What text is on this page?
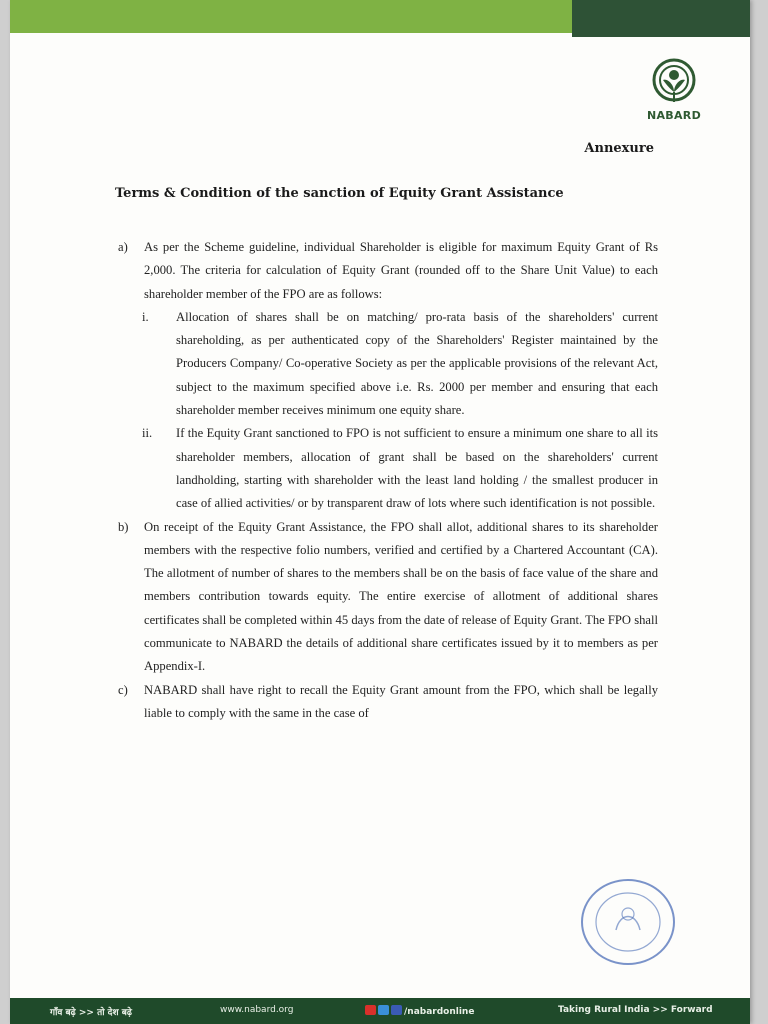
NABARD
Annexure
Terms & Condition of the sanction of Equity Grant Assistance
a) As per the Scheme guideline, individual Shareholder is eligible for maximum Equity Grant of Rs 2,000. The criteria for calculation of Equity Grant (rounded off to the Share Unit Value) to each shareholder member of the FPO are as follows:
i. Allocation of shares shall be on matching/ pro-rata basis of the shareholders' current shareholding, as per authenticated copy of the Shareholders' Register maintained by the Producers Company/ Co-operative Society as per the applicable provisions of the relevant Act, subject to the maximum specified above i.e. Rs. 2000 per member and ensuring that each shareholder member receives minimum one equity share.
ii. If the Equity Grant sanctioned to FPO is not sufficient to ensure a minimum one share to all its shareholder members, allocation of grant shall be based on the shareholders' current landholding, starting with shareholder with the least land holding / the smallest producer in case of allied activities/ or by transparent draw of lots where such identification is not possible.
b) On receipt of the Equity Grant Assistance, the FPO shall allot, additional shares to its shareholder members with the respective folio numbers, verified and certified by a Chartered Accountant (CA). The allotment of number of shares to the members shall be on the basis of face value of the share and members contribution towards equity. The entire exercise of allotment of additional shares certificates shall be completed within 45 days from the date of release of Equity Grant. The FPO shall communicate to NABARD the details of additional share certificates issued by it to members as per Appendix-I.
c) NABARD shall have right to recall the Equity Grant amount from the FPO, which shall be legally liable to comply with the same in the case of
गाँव बढ़े >> तो देश बढ़े	www.nabard.org	/nabardonline	Taking Rural India >> Forward
